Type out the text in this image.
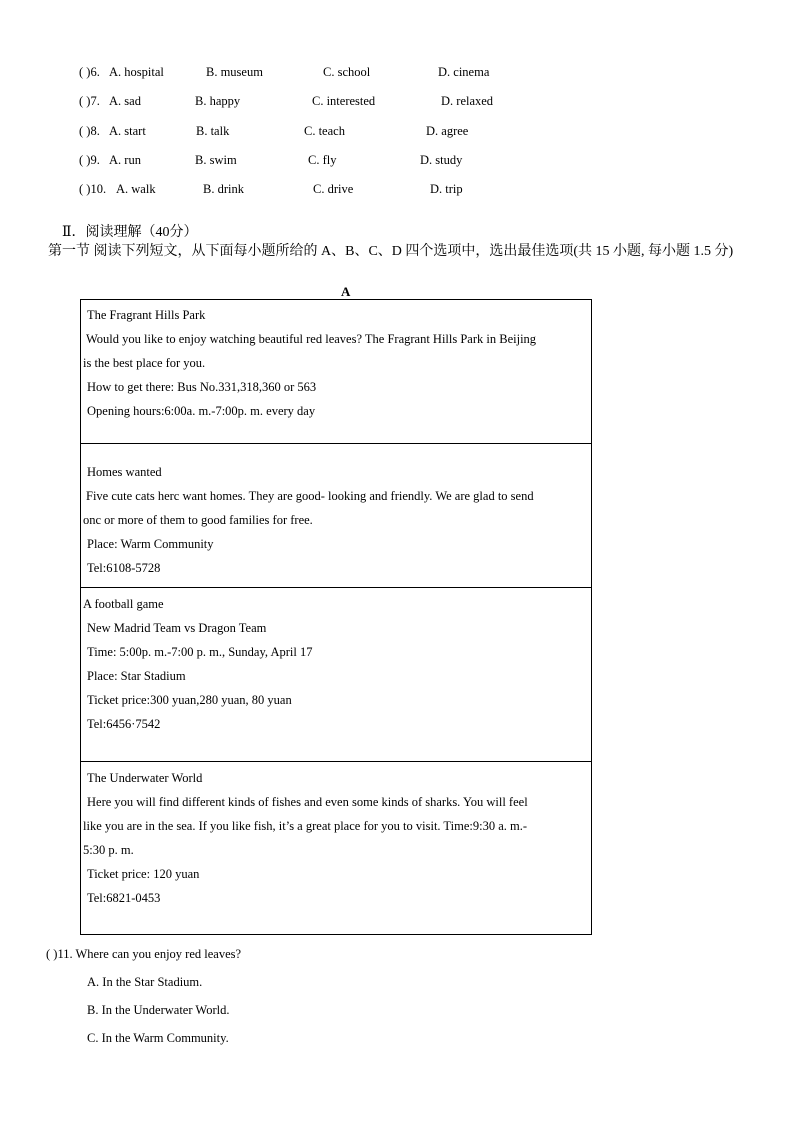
( )6. A. hospital	B. museum	C. school	D. cinema
( )7. A. sad	B. happy	C. interested	D. relaxed
( )8. A. start	B. talk	C. teach	D. agree
( )9. A. run	B. swim	C. fly	D. study
( )10. A. walk	B. drink	C. drive	D. trip
Ⅱ．阅读理解（40分）
第一节 阅读下列短文，从下面每小题所给的 A、B、C、D 四个选项中，选出最佳选项(共 15 小题, 每小题 1.5 分)
A
The Fragrant Hills Park
Would you like to enjoy watching beautiful red leaves? The Fragrant Hills Park in Beijing
is the best place for you.
How to get there: Bus No.331,318,360 or 563
Opening hours:6:00a. m.-7:00p. m. every day
Homes wanted
Five cute cats herc want homes. They are good- looking and friendly. We are glad to send
onc or more of them to good families for free.
Place: Warm Community
Tel:6108-5728
A football game
New Madrid Team vs Dragon Team
Time: 5:00p. m.-7:00 p. m., Sunday, April 17
Place: Star Stadium
Ticket price:300 yuan,280 yuan, 80 yuan
Tel:6456·7542
The Underwater World
Here you will find different kinds of fishes and even some kinds of sharks. You will feel
like you are in the sea. If you like fish, it’s a great place for you to visit. Time:9:30 a. m.-
5:30 p. m.
Ticket price: 120 yuan
Tel:6821-0453
( )11. Where can you enjoy red leaves?
A. In the Star Stadium.
B. In the Underwater World.
C. In the Warm Community.
